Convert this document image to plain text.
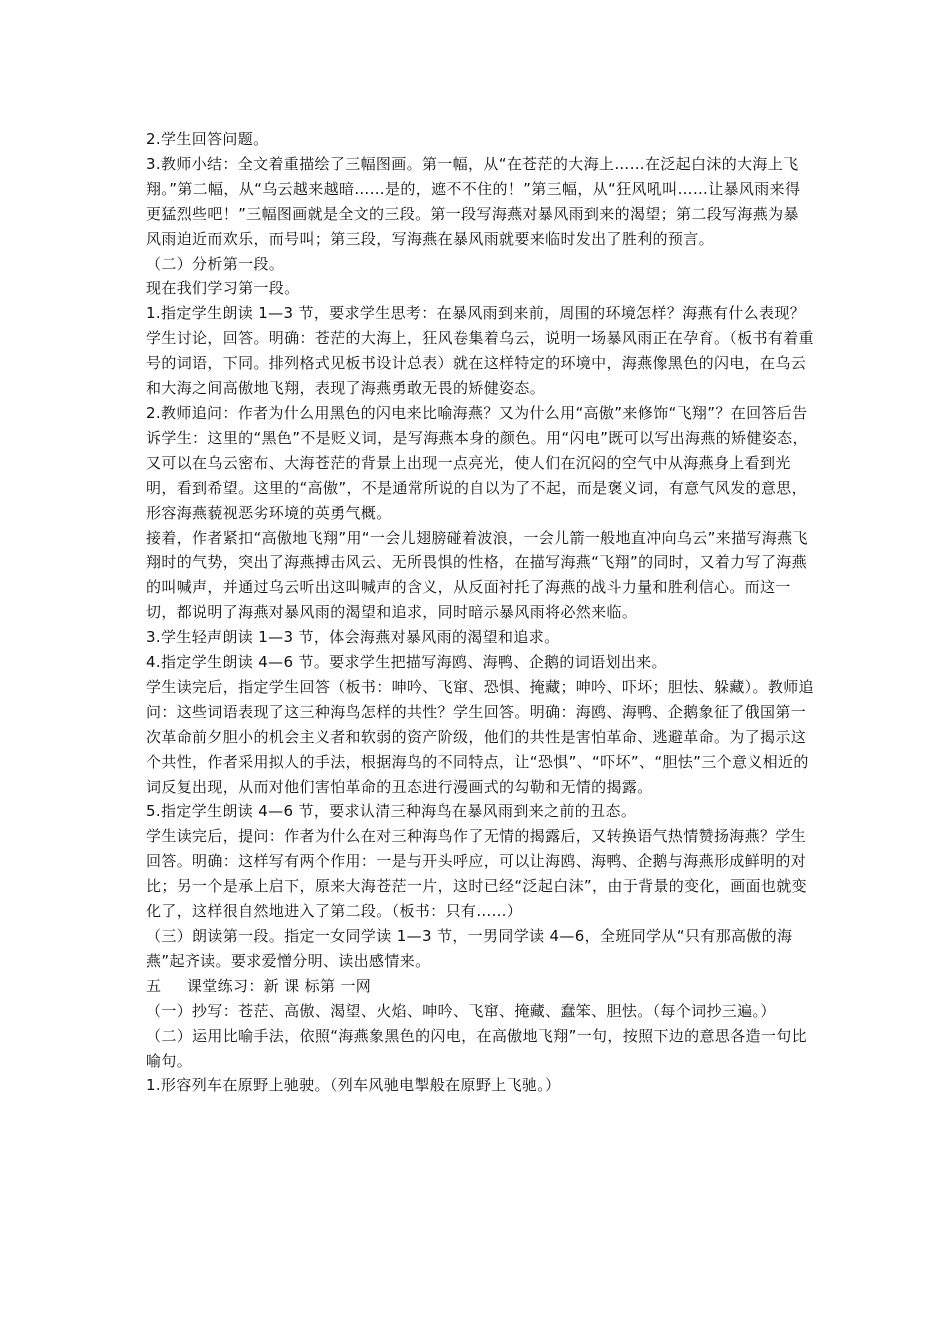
2.学生回答问题。

3.教师小结：全文着重描绘了三幅图画。第一幅，从“在苍茫的大海上……在泛起白沫的大海上飞翔。”第二幅，从“乌云越来越暗……是的，遮不不住的！”第三幅，从“狂风吼叫……让暴风雨来得更猛烈些吧！”三幅图画就是全文的三段。第一段写海燕对暴风雨到来的渴望；第二段写海燕为暴风雨迫近而欢乐，而号叫；第三段，写海燕在暴风雨就要来临时发出了胜利的预言。

（二）分析第一段。

现在我们学习第一段。

1.指定学生朗读 1—3 节，要求学生思考：在暴风雨到来前，周围的环境怎样？海燕有什么表现？

学生讨论，回答。明确：苍茫的大海上，狂风卷集着乌云，说明一场暴风雨正在孕育。（板书有着重号的词语，下同。排列格式见板书设计总表）就在这样特定的环境中，海燕像黑色的闪电，在乌云和大海之间高傲地飞翔，表现了海燕勇敢无畏的矫健姿态。

2.教师追问：作者为什么用黑色的闪电来比喻海燕？又为什么用“高傲”来修饰“飞翔”？在回答后告诉学生：这里的“黑色”不是贬义词，是写海燕本身的颜色。用“闪电”既可以写出海燕的矫健姿态，又可以在乌云密布、大海苍茫的背景上出现一点亮光，使人们在沉闷的空气中从海燕身上看到光明，看到希望。这里的“高傲”，不是通常所说的自以为了不起，而是褒义词，有意气风发的意思，形容海燕藐视恶劣环境的英勇气概。

接着，作者紧扣“高傲地飞翔”用“一会儿翅膀碰着波浪，一会儿箭一般地直冲向乌云”来描写海燕飞翔时的气势，突出了海燕搏击风云、无所畏惧的性格，在描写海燕“飞翔”的同时，又着力写了海燕的叫喊声，并通过乌云听出这叫喊声的含义，从反面衬托了海燕的战斗力量和胜利信心。而这一切，都说明了海燕对暴风雨的渴望和追求，同时暗示暴风雨将必然来临。

3.学生轻声朗读 1—3 节，体会海燕对暴风雨的渴望和追求。

4.指定学生朗读 4—6 节。要求学生把描写海鸥、海鸭、企鹅的词语划出来。

学生读完后，指定学生回答（板书：呻吟、飞窜、恐惧、掩藏；呻吟、吓坏；胆怯、躲藏）。教师追问：这些词语表现了这三种海鸟怎样的共性？学生回答。明确：海鸥、海鸭、企鹅象征了俄国第一次革命前夕胆小的机会主义者和软弱的资产阶级，他们的共性是害怕革命、逃避革命。为了揭示这个共性，作者采用拟人的手法，根据海鸟的不同特点，让“恐惧”、“吓坏”、“胆怯”三个意义相近的词反复出现，从而对他们害怕革命的丑态进行漫画式的勾勒和无情的揭露。

5.指定学生朗读 4—6 节，要求认清三种海鸟在暴风雨到来之前的丑态。

学生读完后，提问：作者为什么在对三种海鸟作了无情的揭露后，又转换语气热情赞扬海燕？学生回答。明确：这样写有两个作用：一是与开头呼应，可以让海鸥、海鸭、企鹅与海燕形成鲜明的对比；另一个是承上启下，原来大海苍茫一片，这时已经“泛起白沫”，由于背景的变化，画面也就变化了，这样很自然地进入了第二段。（板书：只有……）

（三）朗读第一段。指定一女同学读 1—3 节，一男同学读 4—6，全班同学从“只有那高傲的海燕”起齐读。要求爱憎分明、读出感情来。

五 　 课堂练习：新 课 标第 一网

（一）抄写：苍茫、高傲、渴望、火焰、呻吟、飞窜、掩藏、蠢笨、胆怯。（每个词抄三遍。）

（二）运用比喻手法，依照“海燕象黑色的闪电，在高傲地飞翔”一句，按照下边的意思各造一句比喻句。

1.形容列车在原野上驰驶。（列车风驰电掣般在原野上飞驰。）
